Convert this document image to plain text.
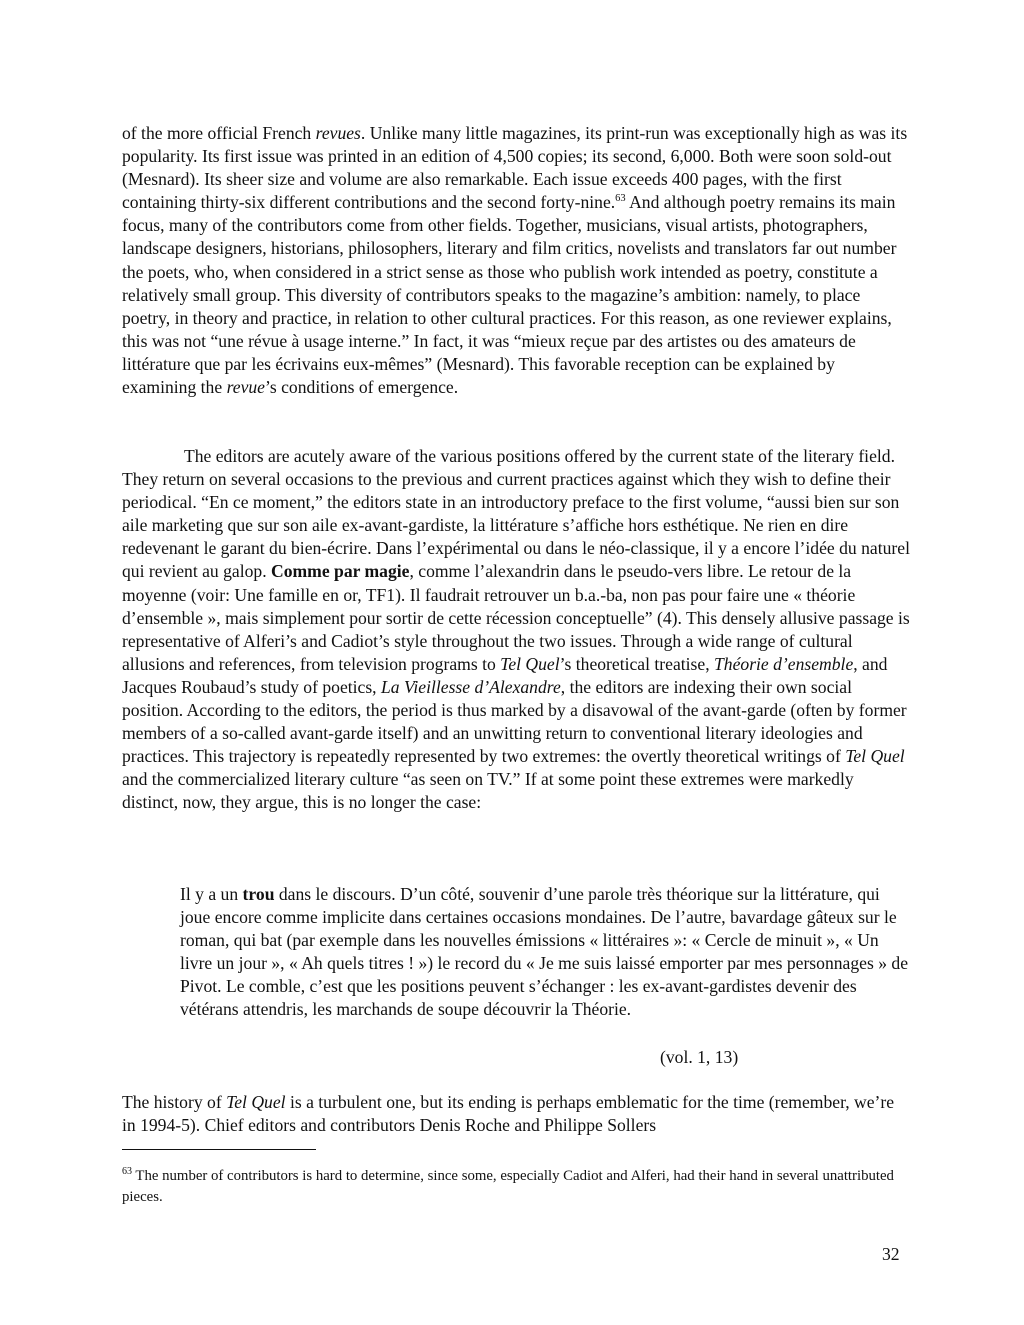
of the more official French revues. Unlike many little magazines, its print-run was exceptionally high as was its popularity. Its first issue was printed in an edition of 4,500 copies; its second, 6,000. Both were soon sold-out (Mesnard). Its sheer size and volume are also remarkable. Each issue exceeds 400 pages, with the first containing thirty-six different contributions and the second forty-nine.$^{63}$ And although poetry remains its main focus, many of the contributors come from other fields. Together, musicians, visual artists, photographers, landscape designers, historians, philosophers, literary and film critics, novelists and translators far out number the poets, who, when considered in a strict sense as those who publish work intended as poetry, constitute a relatively small group. This diversity of contributors speaks to the magazine’s ambition: namely, to place poetry, in theory and practice, in relation to other cultural practices. For this reason, as one reviewer explains, this was not “une révue à usage interne.” In fact, it was “mieux reçue par des artistes ou des amateurs de littérature que par les écrivains eux-mêmes” (Mesnard). This favorable reception can be explained by examining the revue’s conditions of emergence.
The editors are acutely aware of the various positions offered by the current state of the literary field. They return on several occasions to the previous and current practices against which they wish to define their periodical. “En ce moment,” the editors state in an introductory preface to the first volume, “aussi bien sur son aile marketing que sur son aile ex-avant-gardiste, la littérature s’affiche hors esthétique. Ne rien en dire redevenant le garant du bien-écrire. Dans l’expérimental ou dans le néo-classique, il y a encore l’idée du naturel qui revient au galop. Comme par magie, comme l’alexandrin dans le pseudo-vers libre. Le retour de la moyenne (voir: Une famille en or, TF1). Il faudrait retrouver un b.a.-ba, non pas pour faire une « théorie d’ensemble », mais simplement pour sortir de cette récession conceptuelle” (4). This densely allusive passage is representative of Alferi’s and Cadiot’s style throughout the two issues. Through a wide range of cultural allusions and references, from television programs to Tel Quel’s theoretical treatise, Théorie d’ensemble, and Jacques Roubaud’s study of poetics, La Vieillesse d’Alexandre, the editors are indexing their own social position. According to the editors, the period is thus marked by a disavowal of the avant-garde (often by former members of a so-called avant-garde itself) and an unwitting return to conventional literary ideologies and practices. This trajectory is repeatedly represented by two extremes: the overtly theoretical writings of Tel Quel and the commercialized literary culture “as seen on TV.” If at some point these extremes were markedly distinct, now, they argue, this is no longer the case:
Il y a un trou dans le discours. D’un côté, souvenir d’une parole très théorique sur la littérature, qui joue encore comme implicite dans certaines occasions mondaines. De l’autre, bavardage gâteux sur le roman, qui bat (par exemple dans les nouvelles émissions « littéraires »: « Cercle de minuit », « Un livre un jour », « Ah quels titres ! ») le record du « Je me suis laissé emporter par mes personnages » de Pivot. Le comble, c’est que les positions peuvent s’échanger : les ex-avant-gardistes devenir des vétérans attendris, les marchands de soupe découvrir la Théorie.
(vol. 1, 13)
The history of Tel Quel is a turbulent one, but its ending is perhaps emblematic for the time (remember, we’re in 1994-5). Chief editors and contributors Denis Roche and Philippe Sollers
$^{63}$ The number of contributors is hard to determine, since some, especially Cadiot and Alferi, had their hand in several unattributed pieces.
32
